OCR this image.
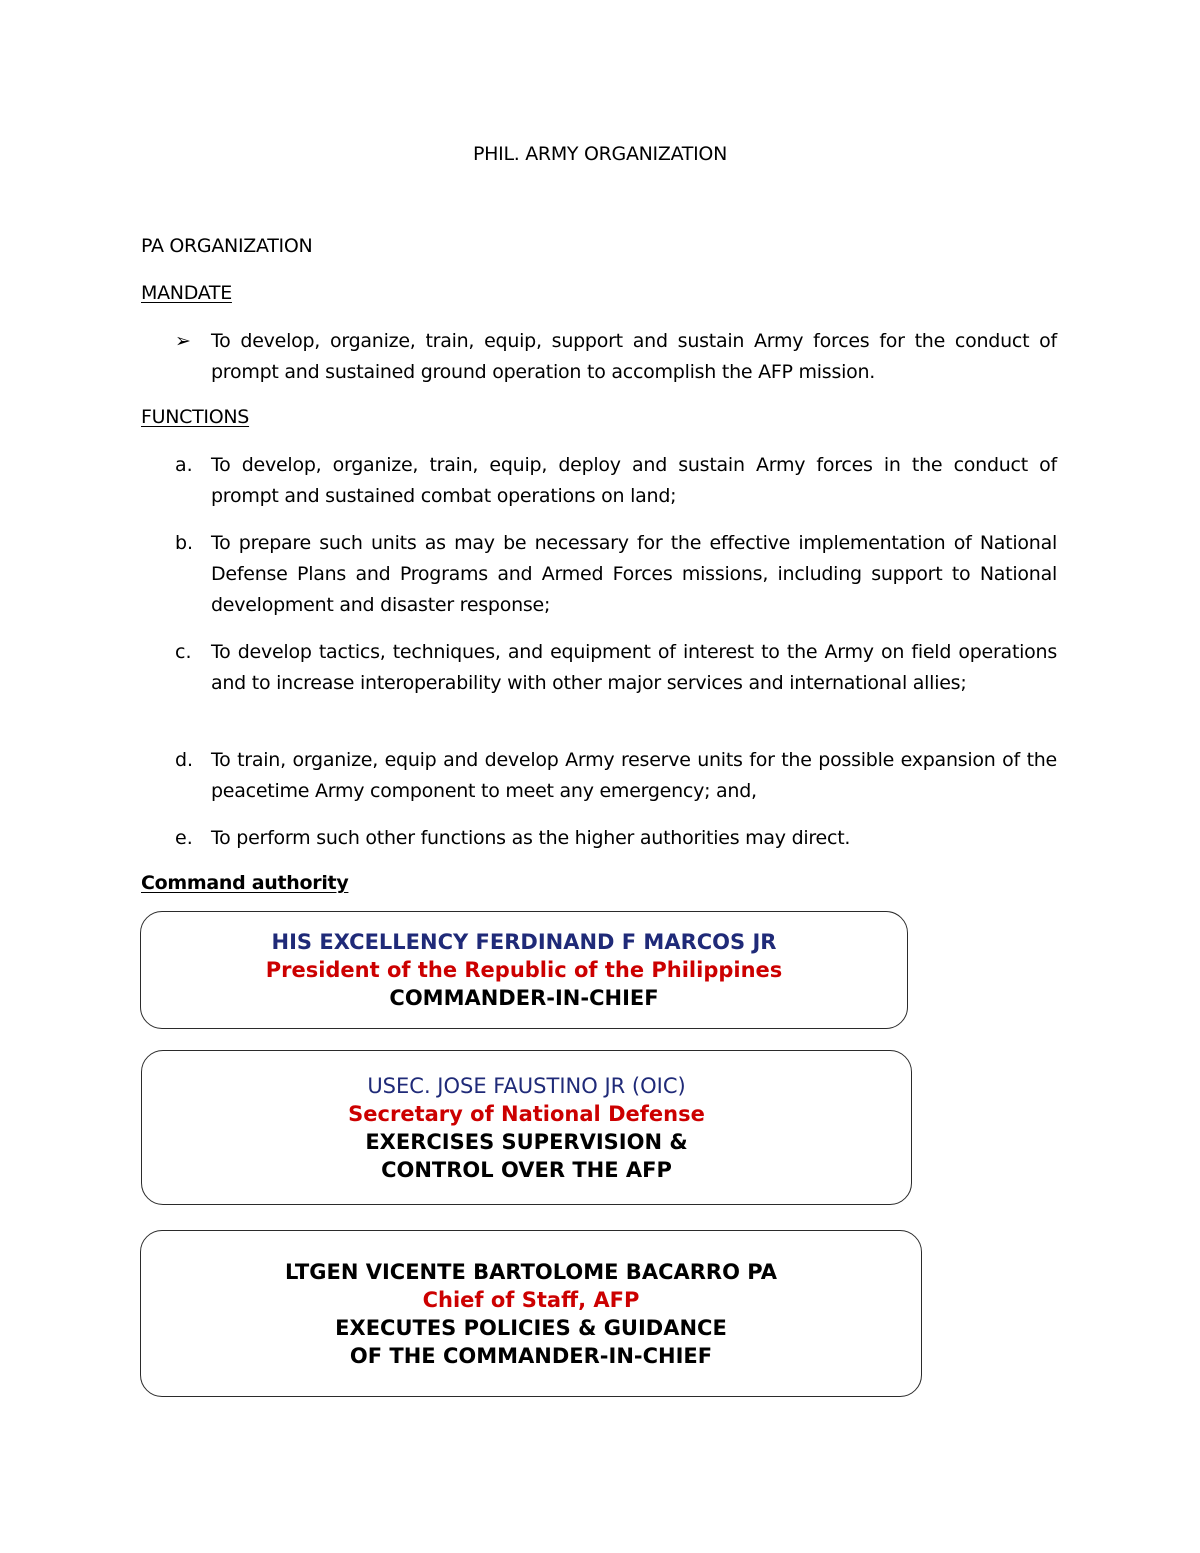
PHIL. ARMY ORGANIZATION
PA ORGANIZATION
MANDATE
➢ To develop, organize, train, equip, support and sustain Army forces for the conduct of prompt and sustained ground operation to accomplish the AFP mission.
FUNCTIONS
a. To develop, organize, train, equip, deploy and sustain Army forces in the conduct of prompt and sustained combat operations on land;
b. To prepare such units as may be necessary for the effective implementation of National Defense Plans and Programs and Armed Forces missions, including support to National development and disaster response;
c. To develop tactics, techniques, and equipment of interest to the Army on field operations and to increase interoperability with other major services and international allies;
d. To train, organize, equip and develop Army reserve units for the possible expansion of the peacetime Army component to meet any emergency; and,
e. To perform such other functions as the higher authorities may direct.
Command authority
HIS EXCELLENCY FERDINAND F MARCOS JR
President of the Republic of the Philippines
COMMANDER-IN-CHIEF
USEC. JOSE FAUSTINO JR (OIC)
Secretary of National Defense
EXERCISES SUPERVISION &
CONTROL OVER THE AFP
LTGEN VICENTE BARTOLOME BACARRO PA
Chief of Staff, AFP
EXECUTES POLICIES & GUIDANCE
OF THE COMMANDER-IN-CHIEF
